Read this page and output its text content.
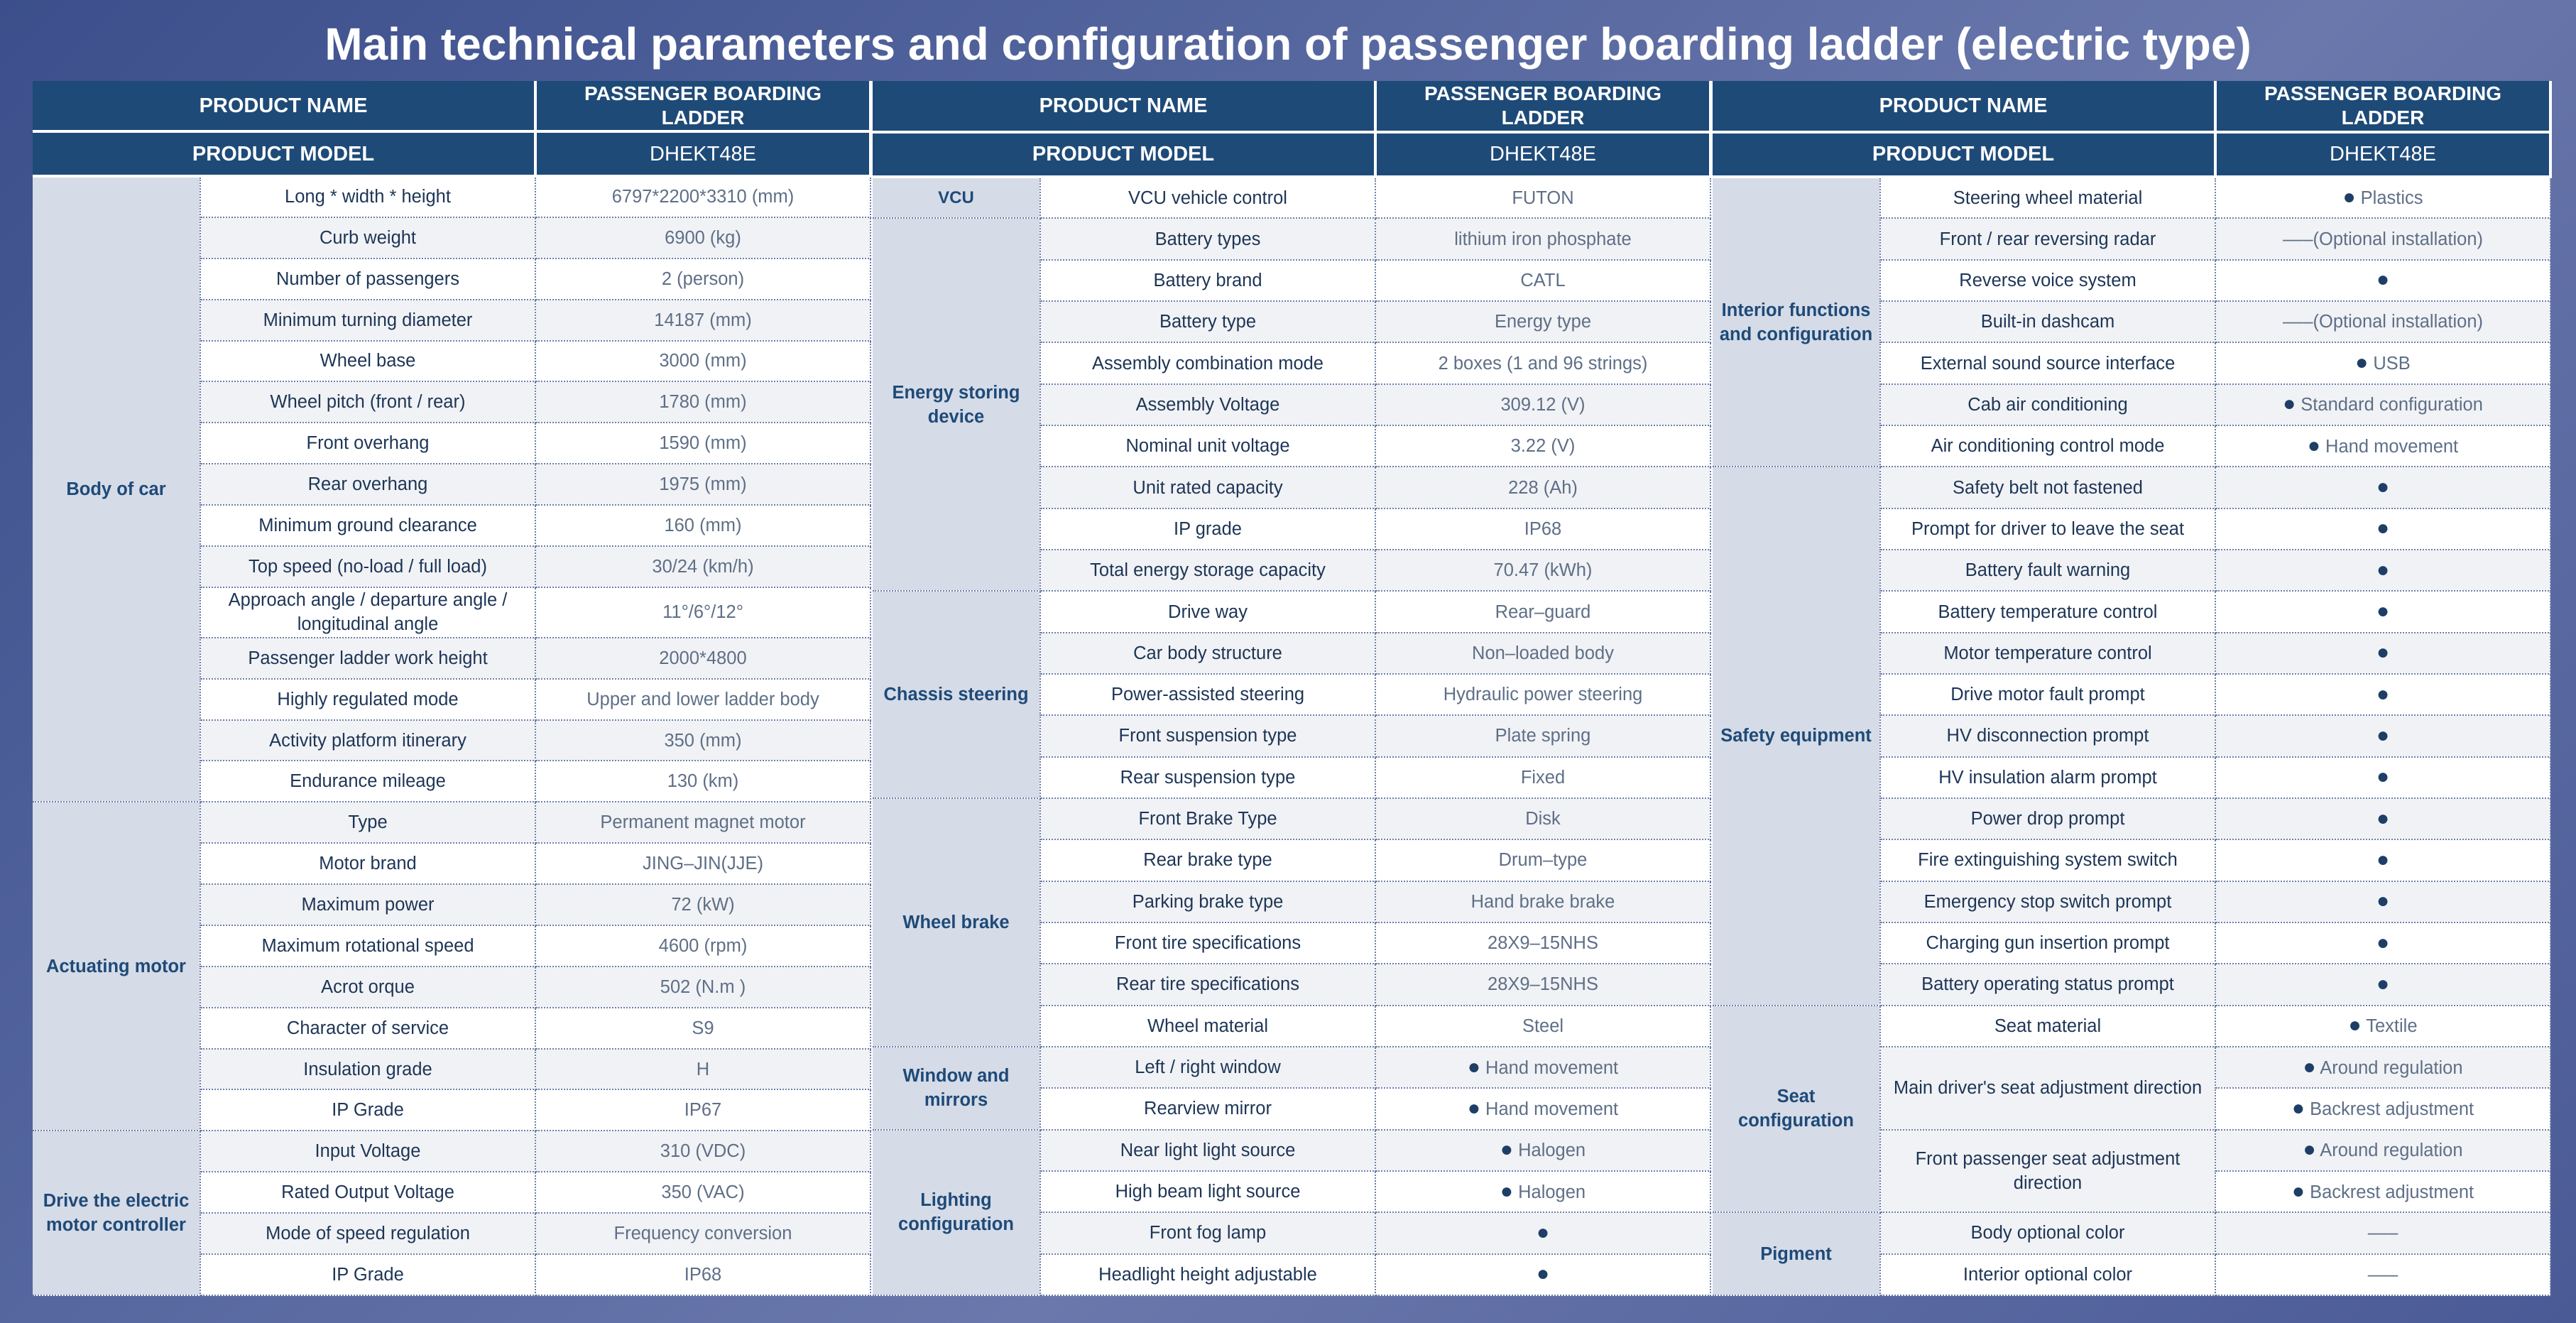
Main technical parameters and configuration of passenger boarding ladder (electric type)
PRODUCT NAME		PASSENGER BOARDING LADDER
PRODUCT MODEL		DHEKT48E
Body of car	Long * width * height	6797*2200*3310 (mm)
	Curb weight	6900 (kg)
	Number of passengers	2 (person)
	Minimum turning diameter	14187 (mm)
	Wheel base	3000 (mm)
	Wheel pitch (front / rear)	1780 (mm)
	Front overhang	1590 (mm)
	Rear overhang	1975 (mm)
	Minimum ground clearance	160 (mm)
	Top speed (no-load / full load)	30/24 (km/h)
	Approach angle / departure angle / longitudinal angle	11°/6°/12°
	Passenger ladder work height	2000*4800
	Highly regulated mode	Upper and lower ladder body
	Activity platform itinerary	350 (mm)
	Endurance mileage	130 (km)
Actuating motor	Type	Permanent magnet motor
	Motor brand	JING–JIN(JJE)
	Maximum power	72 (kW)
	Maximum rotational speed	4600 (rpm)
	Acrot orque	502 (N.m )
	Character of service	S9
	Insulation grade	H
	IP Grade	IP67
Drive the electric motor controller	Input Voltage	310 (VDC)
	Rated Output Voltage	350 (VAC)
	Mode of speed regulation	Frequency conversion
	IP Grade	IP68
PRODUCT NAME		PASSENGER BOARDING LADDER
PRODUCT MODEL		DHEKT48E
VCU	VCU vehicle control	FUTON
Energy storing device	Battery types	lithium iron phosphate
	Battery brand	CATL
	Battery type	Energy type
	Assembly combination mode	2 boxes (1 and 96 strings)
	Assembly Voltage	309.12 (V)
	Nominal unit voltage	3.22 (V)
	Unit rated capacity	228 (Ah)
	IP grade	IP68
	Total energy storage capacity	70.47 (kWh)
Chassis steering	Drive way	Rear–guard
	Car body structure	Non–loaded body
	Power-assisted steering	Hydraulic power steering
	Front suspension type	Plate spring
	Rear suspension type	Fixed
Wheel brake	Front Brake Type	Disk
	Rear brake type	Drum–type
	Parking brake type	Hand brake brake
	Front tire specifications	28X9–15NHS
	Rear tire specifications	28X9–15NHS
	Wheel material	Steel
Window and mirrors	Left / right window	● Hand movement
	Rearview mirror	● Hand movement
Lighting configuration	Near light light source	● Halogen
	High beam light source	● Halogen
	Front fog lamp	●
	Headlight height adjustable	●
PRODUCT NAME		PASSENGER BOARDING LADDER
PRODUCT MODEL		DHEKT48E
Interior functions and configuration	Steering wheel material	● Plastics
	Front / rear reversing radar	–––(Optional installation)
	Reverse voice system	●
	Built-in dashcam	–––(Optional installation)
	External sound source interface	● USB
	Cab air conditioning	● Standard configuration
	Air conditioning control mode	● Hand movement
Safety equipment	Safety belt not fastened	●
	Prompt for driver to leave the seat	●
	Battery fault warning	●
	Battery temperature control	●
	Motor temperature control	●
	Drive motor fault prompt	●
	HV disconnection prompt	●
	HV insulation alarm prompt	●
	Power drop prompt	●
	Fire extinguishing system switch	●
	Emergency stop switch prompt	●
	Charging gun insertion prompt	●
	Battery operating status prompt	●
Seat configuration	Seat material	● Textile
	Main driver's seat adjustment direction	● Around regulation
		● Backrest adjustment
	Front passenger seat adjustment direction	● Around regulation
		● Backrest adjustment
Pigment	Body optional color	–––
	Interior optional color	–––
